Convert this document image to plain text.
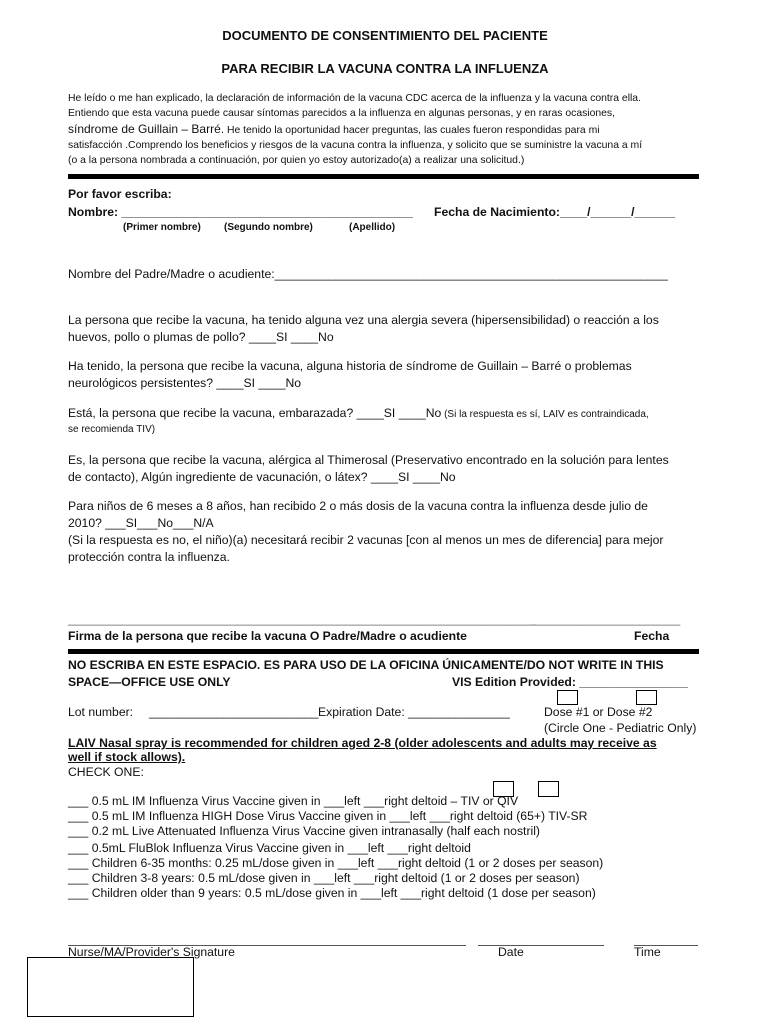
DOCUMENTO DE CONSENTIMIENTO DEL PACIENTE
PARA RECIBIR LA VACUNA CONTRA LA INFLUENZA
He leído o me han explicado, la declaración de información de la vacuna CDC acerca de la influenza y la vacuna contra ella.
Entiendo que esta vacuna puede causar síntomas parecidos a la influenza en algunas personas, y en raras ocasiones,
síndrome de Guillain – Barré. He tenido la oportunidad hacer preguntas, las cuales fueron respondidas para mi
satisfacción .Comprendo los beneficios y riesgos de la vacuna contra la influenza, y solicito que se suministre la vacuna a mí
(o a la persona nombrada a continuación, por quien yo estoy autorizado(a) a realizar una solicitud.)
Por favor escriba:
Nombre: ___________________________________________ Fecha de Nacimiento:____/______/______
(Primer nombre) (Segundo nombre)	(Apellido)
Nombre del Padre/Madre o acudiente:__________________________________________________________
La persona que recibe la vacuna, ha tenido alguna vez una alergia severa (hipersensibilidad) o reacción a los
huevos, pollo o plumas de pollo? ____SI ____No
Ha tenido, la persona que recibe la vacuna, alguna historia de síndrome de Guillain – Barré o problemas
neurológicos persistentes? ____SI ____No
Está, la persona que recibe la vacuna, embarazada? ____SI ____No (Si la respuesta es sí, LAIV es contraindicada,
se recomienda TIV)
Es, la persona que recibe la vacuna, alérgica al Thimerosal (Preservativo encontrado en la solución para lentes
de contacto), Algún ingrediente de vacunación, o látex? ____SI ____No
Para niños de 6 meses a 8 años, han recibido 2 o más dosis de la vacuna contra la influenza desde julio de
2010? ___SI___No___N/A
(Si la respuesta es no, el niño)(a) necesitará recibir 2 vacunas [con al menos un mes de diferencia] para mejor
protección contra la influenza.
_____________________________________________________________________
______________________
Firma de la persona que recibe la vacuna O Padre/Madre o acudiente	Fecha
NO ESCRIBA EN ESTE ESPACIO. ES PARA USO DE LA OFICINA ÚNICAMENTE/DO NOT WRITE IN THIS
SPACE—OFFICE USE ONLY	VIS Edition Provided: ________________
Lot number: _________________________ Expiration Date: _______________	Dose #1 or Dose #2
(Circle One - Pediatric Only)
LAIV Nasal spray is recommended for children aged 2-8 (older adolescents and adults may receive as
well if stock allows).
CHECK ONE:
___ 0.5 mL IM Influenza Virus Vaccine given in ___left ___right deltoid – TIV or QIV
___ 0.5 mL IM Influenza HIGH Dose Virus Vaccine given in ___left ___right deltoid (65+) TIV-SR
___ 0.2 mL Live Attenuated Influenza Virus Vaccine given intranasally (half each nostril)
___ 0.5mL FluBlok Influenza Virus Vaccine given in ___left ___right deltoid
___ Children 6-35 months: 0.25 mL/dose given in ___left ___right deltoid (1 or 2 doses per season)
___ Children 3-8 years: 0.5 mL/dose given in ___left ___right deltoid (1 or 2 doses per season)
___ Children older than 9 years: 0.5 mL/dose given in ___left ___right deltoid (1 dose per season)
Nurse/MA/Provider's Signature	Date	Time
